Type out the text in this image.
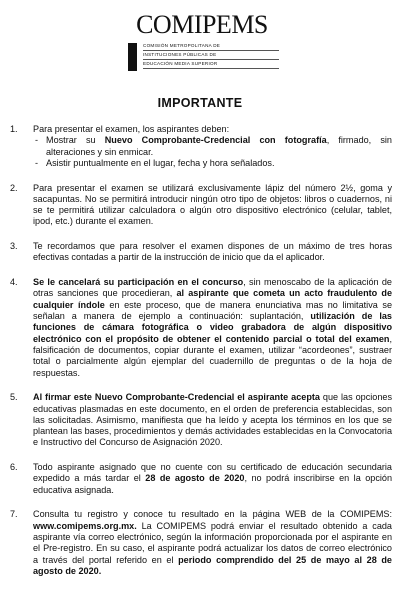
COMIPEMS
COMISIÓN METROPOLITANA DE
INSTITUCIONES PÚBLICAS DE
EDUCACIÓN MEDIA SUPERIOR
IMPORTANTE
1. Para presentar el examen, los aspirantes deben:

- Mostrar su Nuevo Comprobante-Credencial con fotografía, firmado, sin alteraciones y sin enmicar.
- Asistir puntualmente en el lugar, fecha y hora señalados.
2. Para presentar el examen se utilizará exclusivamente lápiz del número 2½, goma y sacapuntas. No se permitirá introducir ningún otro tipo de objetos: libros o cuadernos, ni se te permitirá utilizar calculadora o algún otro dispositivo electrónico (celular, tablet, ipod, etc.) durante el examen.

3. Te recordamos que para resolver el examen dispones de un máximo de tres horas efectivas contadas a partir de la instrucción de inicio que da el aplicador.

4. Se le cancelará su participación en el concurso, sin menoscabo de la aplicación de otras sanciones que procedieran, al aspirante que cometa un acto fraudulento de cualquier índole en este proceso, que de manera enunciativa mas no limitativa se señalan a manera de ejemplo a continuación: suplantación, utilización de las funciones de cámara fotográfica o video grabadora de algún dispositivo electrónico con el propósito de obtener el contenido parcial o total del examen, falsificación de documentos, copiar durante el examen, utilizar “acordeones”, sustraer total o parcialmente algún ejemplar del cuadernillo de preguntas o de la hoja de respuestas.

5. Al firmar este Nuevo Comprobante-Credencial el aspirante acepta que las opciones educativas plasmadas en este documento, en el orden de preferencia establecidas, son las solicitadas. Asimismo, manifiesta que ha leído y acepta los términos en los que se plantean las bases, procedimientos y demás actividades establecidas en la Convocatoria e Instructivo del Concurso de Asignación 2020.

6. Todo aspirante asignado que no cuente con su certificado de educación secundaria expedido a más tardar el 28 de agosto de 2020, no podrá inscribirse en la opción educativa asignada.

7. Consulta tu registro y conoce tu resultado en la página WEB de la COMIPEMS: www.comipems.org.mx. La COMIPEMS podrá enviar el resultado obtenido a cada aspirante vía correo electrónico, según la información proporcionada por el aspirante en el Pre-registro. En su caso, el aspirante podrá actualizar los datos de correo electrónico a través del portal referido en el periodo comprendido del 25 de mayo al 28 de agosto de 2020.
